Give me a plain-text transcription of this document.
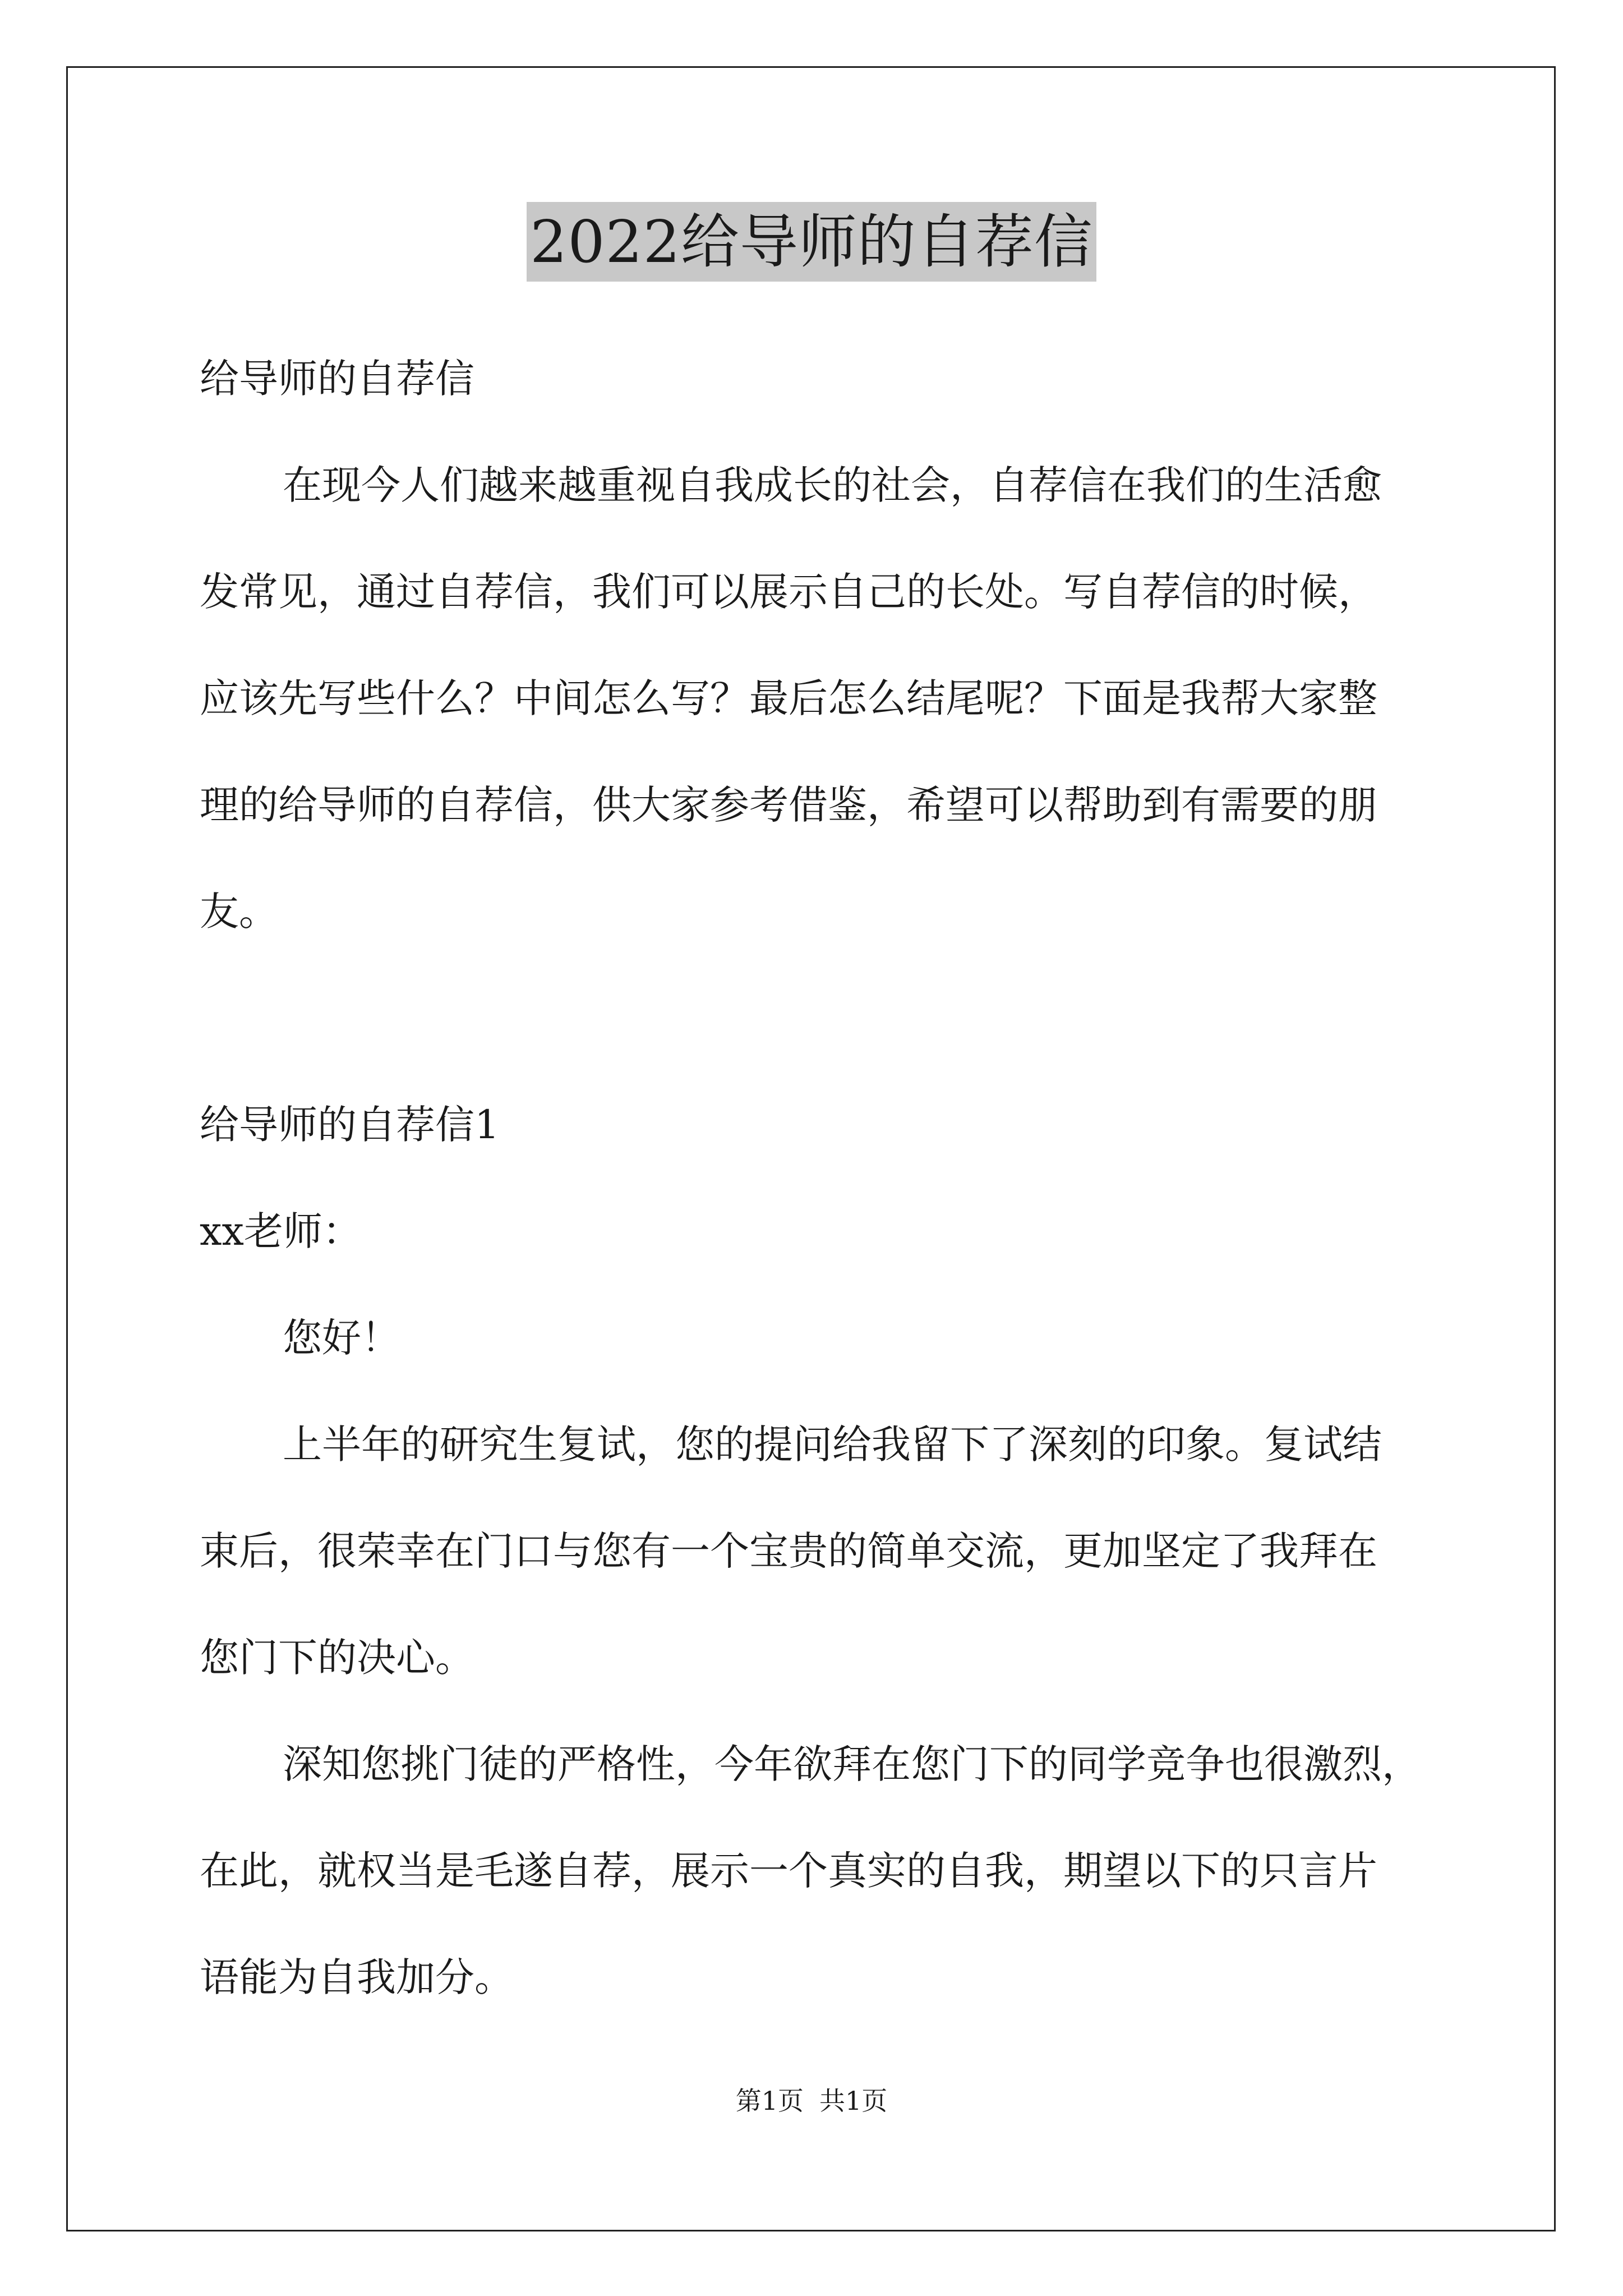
2022给导师的自荐信
给导师的自荐信
在现今人们越来越重视自我成长的社会，自荐信在我们的生活愈
发常见，通过自荐信，我们可以展示自己的长处。写自荐信的时候，
应该先写些什么？中间怎么写？最后怎么结尾呢？下面是我帮大家整
理的给导师的自荐信，供大家参考借鉴，希望可以帮助到有需要的朋
友。
给导师的自荐信1
xx老师：
您好！
上半年的研究生复试，您的提问给我留下了深刻的印象。复试结
束后，很荣幸在门口与您有一个宝贵的简单交流，更加坚定了我拜在
您门下的决心。
深知您挑门徒的严格性，今年欲拜在您门下的同学竞争也很激烈，
在此，就权当是毛遂自荐，展示一个真实的自我，期望以下的只言片
语能为自我加分。
第1页 共1页
